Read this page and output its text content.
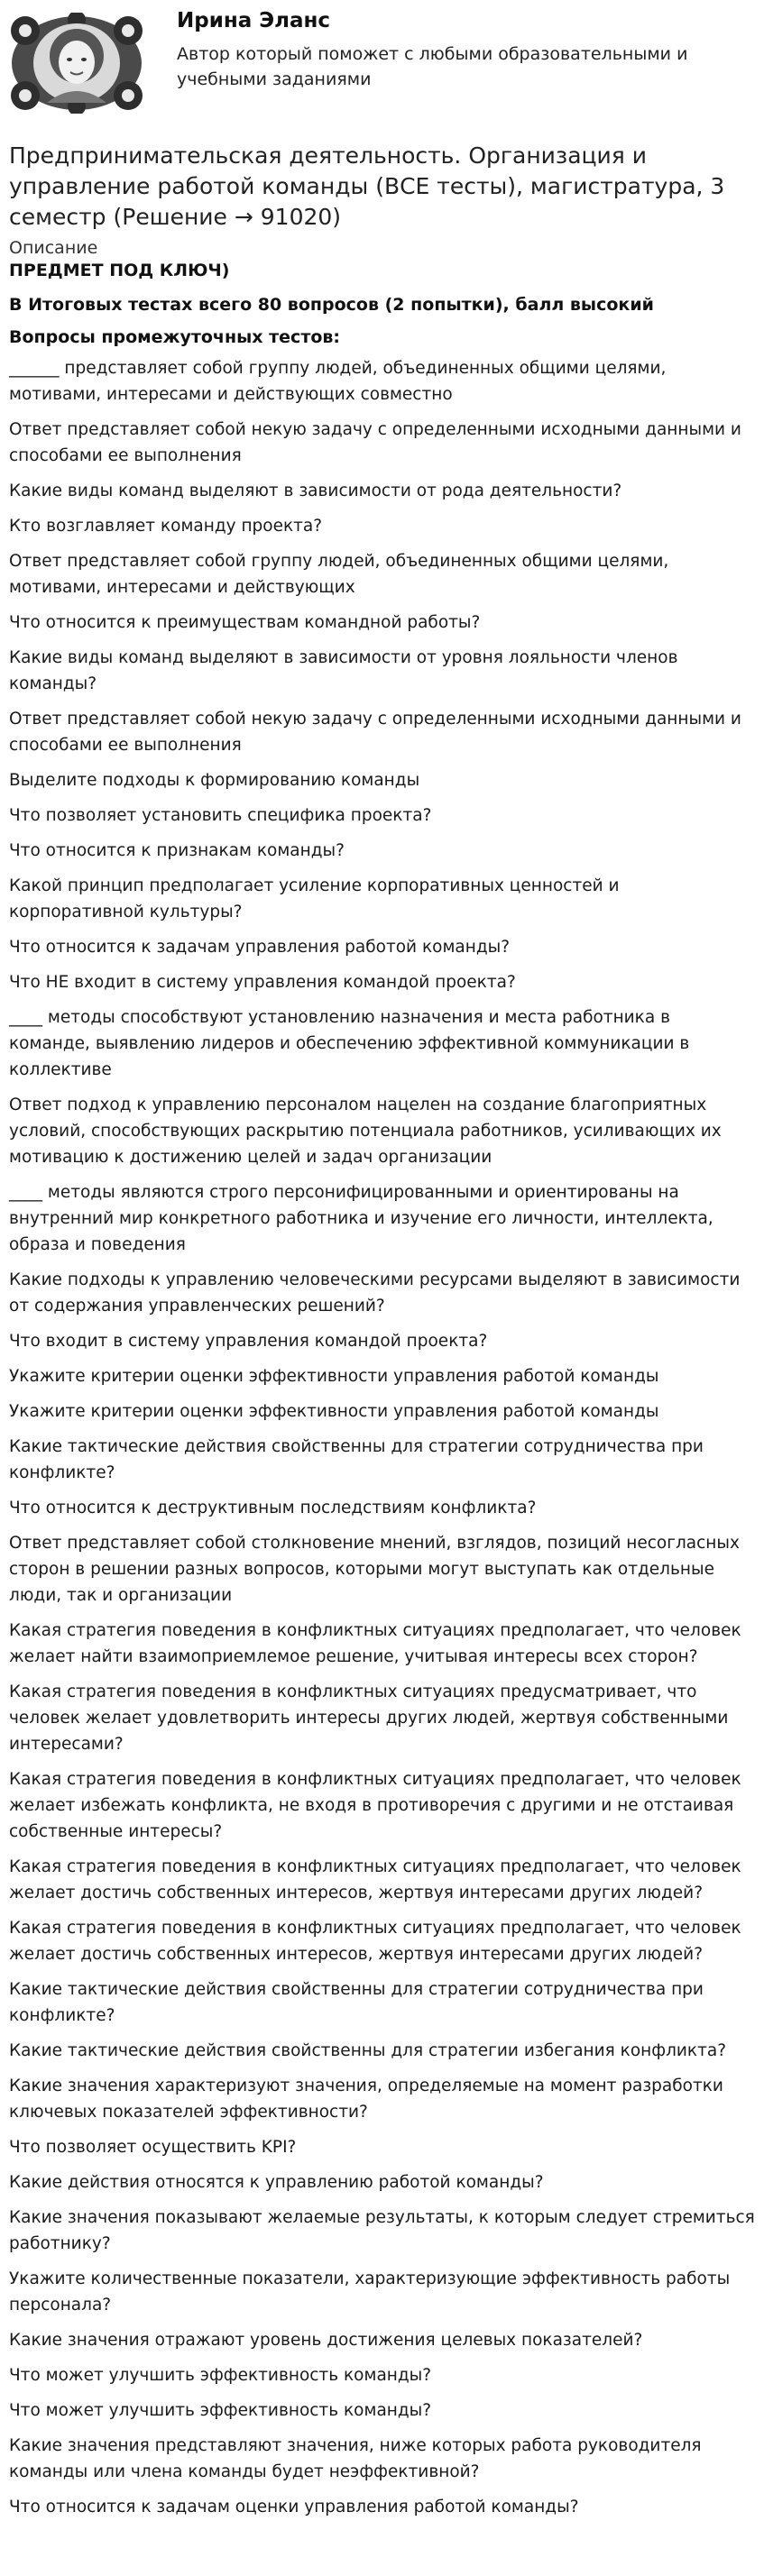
Ирина Эланс
Автор который поможет с любыми образовательными и учебными заданиями
Предпринимательская деятельность. Организация и управление работой команды (ВСЕ тесты), магистратура, 3 семестр (Решение → 91020)
Описание
ПРЕДМЕТ ПОД КЛЮЧ)
В Итоговых тестах всего 80 вопросов (2 попытки), балл высокий
Вопросы промежуточных тестов:
______ представляет собой группу людей, объединенных общими целями, мотивами, интересами и действующих совместно
Ответ представляет собой некую задачу с определенными исходными данными и способами ее выполнения
Какие виды команд выделяют в зависимости от рода деятельности?
Кто возглавляет команду проекта?
Ответ представляет собой группу людей, объединенных общими целями, мотивами, интересами и действующих
Что относится к преимуществам командной работы?
Какие виды команд выделяют в зависимости от уровня лояльности членов команды?
Ответ представляет собой некую задачу с определенными исходными данными и способами ее выполнения
Выделите подходы к формированию команды
Что позволяет установить специфика проекта?
Что относится к признакам команды?
Какой принцип предполагает усиление корпоративных ценностей и корпоративной культуры?
Что относится к задачам управления работой команды?
Что НЕ входит в систему управления командой проекта?
____ методы способствуют установлению назначения и места работника в команде, выявлению лидеров и обеспечению эффективной коммуникации в коллективе
Ответ подход к управлению персоналом нацелен на создание благоприятных условий, способствующих раскрытию потенциала работников, усиливающих их мотивацию к достижению целей и задач организации
____ методы являются строго персонифицированными и ориентированы на внутренний мир конкретного работника и изучение его личности, интеллекта, образа и поведения
Какие подходы к управлению человеческими ресурсами выделяют в зависимости от содержания управленческих решений?
Что входит в систему управления командой проекта?
Укажите критерии оценки эффективности управления работой команды
Укажите критерии оценки эффективности управления работой команды
Какие тактические действия свойственны для стратегии сотрудничества при конфликте?
Что относится к деструктивным последствиям конфликта?
Ответ представляет собой столкновение мнений, взглядов, позиций несогласных сторон в решении разных вопросов, которыми могут выступать как отдельные люди, так и организации
Какая стратегия поведения в конфликтных ситуациях предполагает, что человек желает найти взаимоприемлемое решение, учитывая интересы всех сторон?
Какая стратегия поведения в конфликтных ситуациях предусматривает, что человек желает удовлетворить интересы других людей, жертвуя собственными интересами?
Какая стратегия поведения в конфликтных ситуациях предполагает, что человек желает избежать конфликта, не входя в противоречия с другими и не отстаивая собственные интересы?
Какая стратегия поведения в конфликтных ситуациях предполагает, что человек желает достичь собственных интересов, жертвуя интересами других людей?
Какая стратегия поведения в конфликтных ситуациях предполагает, что человек желает достичь собственных интересов, жертвуя интересами других людей?
Какие тактические действия свойственны для стратегии сотрудничества при конфликте?
Какие тактические действия свойственны для стратегии избегания конфликта?
Какие значения характеризуют значения, определяемые на момент разработки ключевых показателей эффективности?
Что позволяет осуществить KPI?
Какие действия относятся к управлению работой команды?
Какие значения показывают желаемые результаты, к которым следует стремиться работнику?
Укажите количественные показатели, характеризующие эффективность работы персонала?
Какие значения отражают уровень достижения целевых показателей?
Что может улучшить эффективность команды?
Что может улучшить эффективность команды?
Какие значения представляют значения, ниже которых работа руководителя команды или члена команды будет неэффективной?
Что относится к задачам оценки управления работой команды?
